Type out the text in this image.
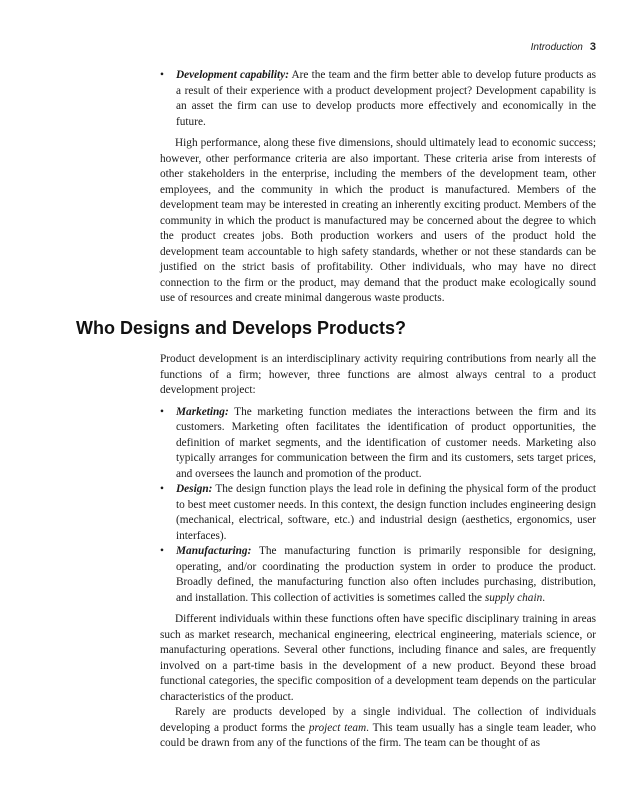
Introduction 3

• Development capability: Are the team and the firm better able to develop future products as a result of their experience with a product development project? Development capability is an asset the firm can use to develop products more effectively and economically in the future.

High performance, along these five dimensions, should ultimately lead to economic success; however, other performance criteria are also important. These criteria arise from interests of other stakeholders in the enterprise, including the members of the development team, other employees, and the community in which the product is manufactured. Members of the development team may be interested in creating an inherently exciting product. Members of the community in which the product is manufactured may be concerned about the degree to which the product creates jobs. Both production workers and users of the product hold the development team accountable to high safety standards, whether or not these standards can be justified on the strict basis of profitability. Other individuals, who may have no direct connection to the firm or the product, may demand that the product make ecologically sound use of resources and create minimal dangerous waste products.

Who Designs and Develops Products?

Product development is an interdisciplinary activity requiring contributions from nearly all the functions of a firm; however, three functions are almost always central to a product development project:

• Marketing: The marketing function mediates the interactions between the firm and its customers. Marketing often facilitates the identification of product opportunities, the definition of market segments, and the identification of customer needs. Marketing also typically arranges for communication between the firm and its customers, sets target prices, and oversees the launch and promotion of the product.

• Design: The design function plays the lead role in defining the physical form of the product to best meet customer needs. In this context, the design function includes engineering design (mechanical, electrical, software, etc.) and industrial design (aesthetics, ergonomics, user interfaces).

• Manufacturing: The manufacturing function is primarily responsible for designing, operating, and/or coordinating the production system in order to produce the product. Broadly defined, the manufacturing function also often includes purchasing, distribution, and installation. This collection of activities is sometimes called the supply chain.

Different individuals within these functions often have specific disciplinary training in areas such as market research, mechanical engineering, electrical engineering, materials science, or manufacturing operations. Several other functions, including finance and sales, are frequently involved on a part-time basis in the development of a new product. Beyond these broad functional categories, the specific composition of a development team depends on the particular characteristics of the product.

Rarely are products developed by a single individual. The collection of individuals developing a product forms the project team. This team usually has a single team leader, who could be drawn from any of the functions of the firm. The team can be thought of as
